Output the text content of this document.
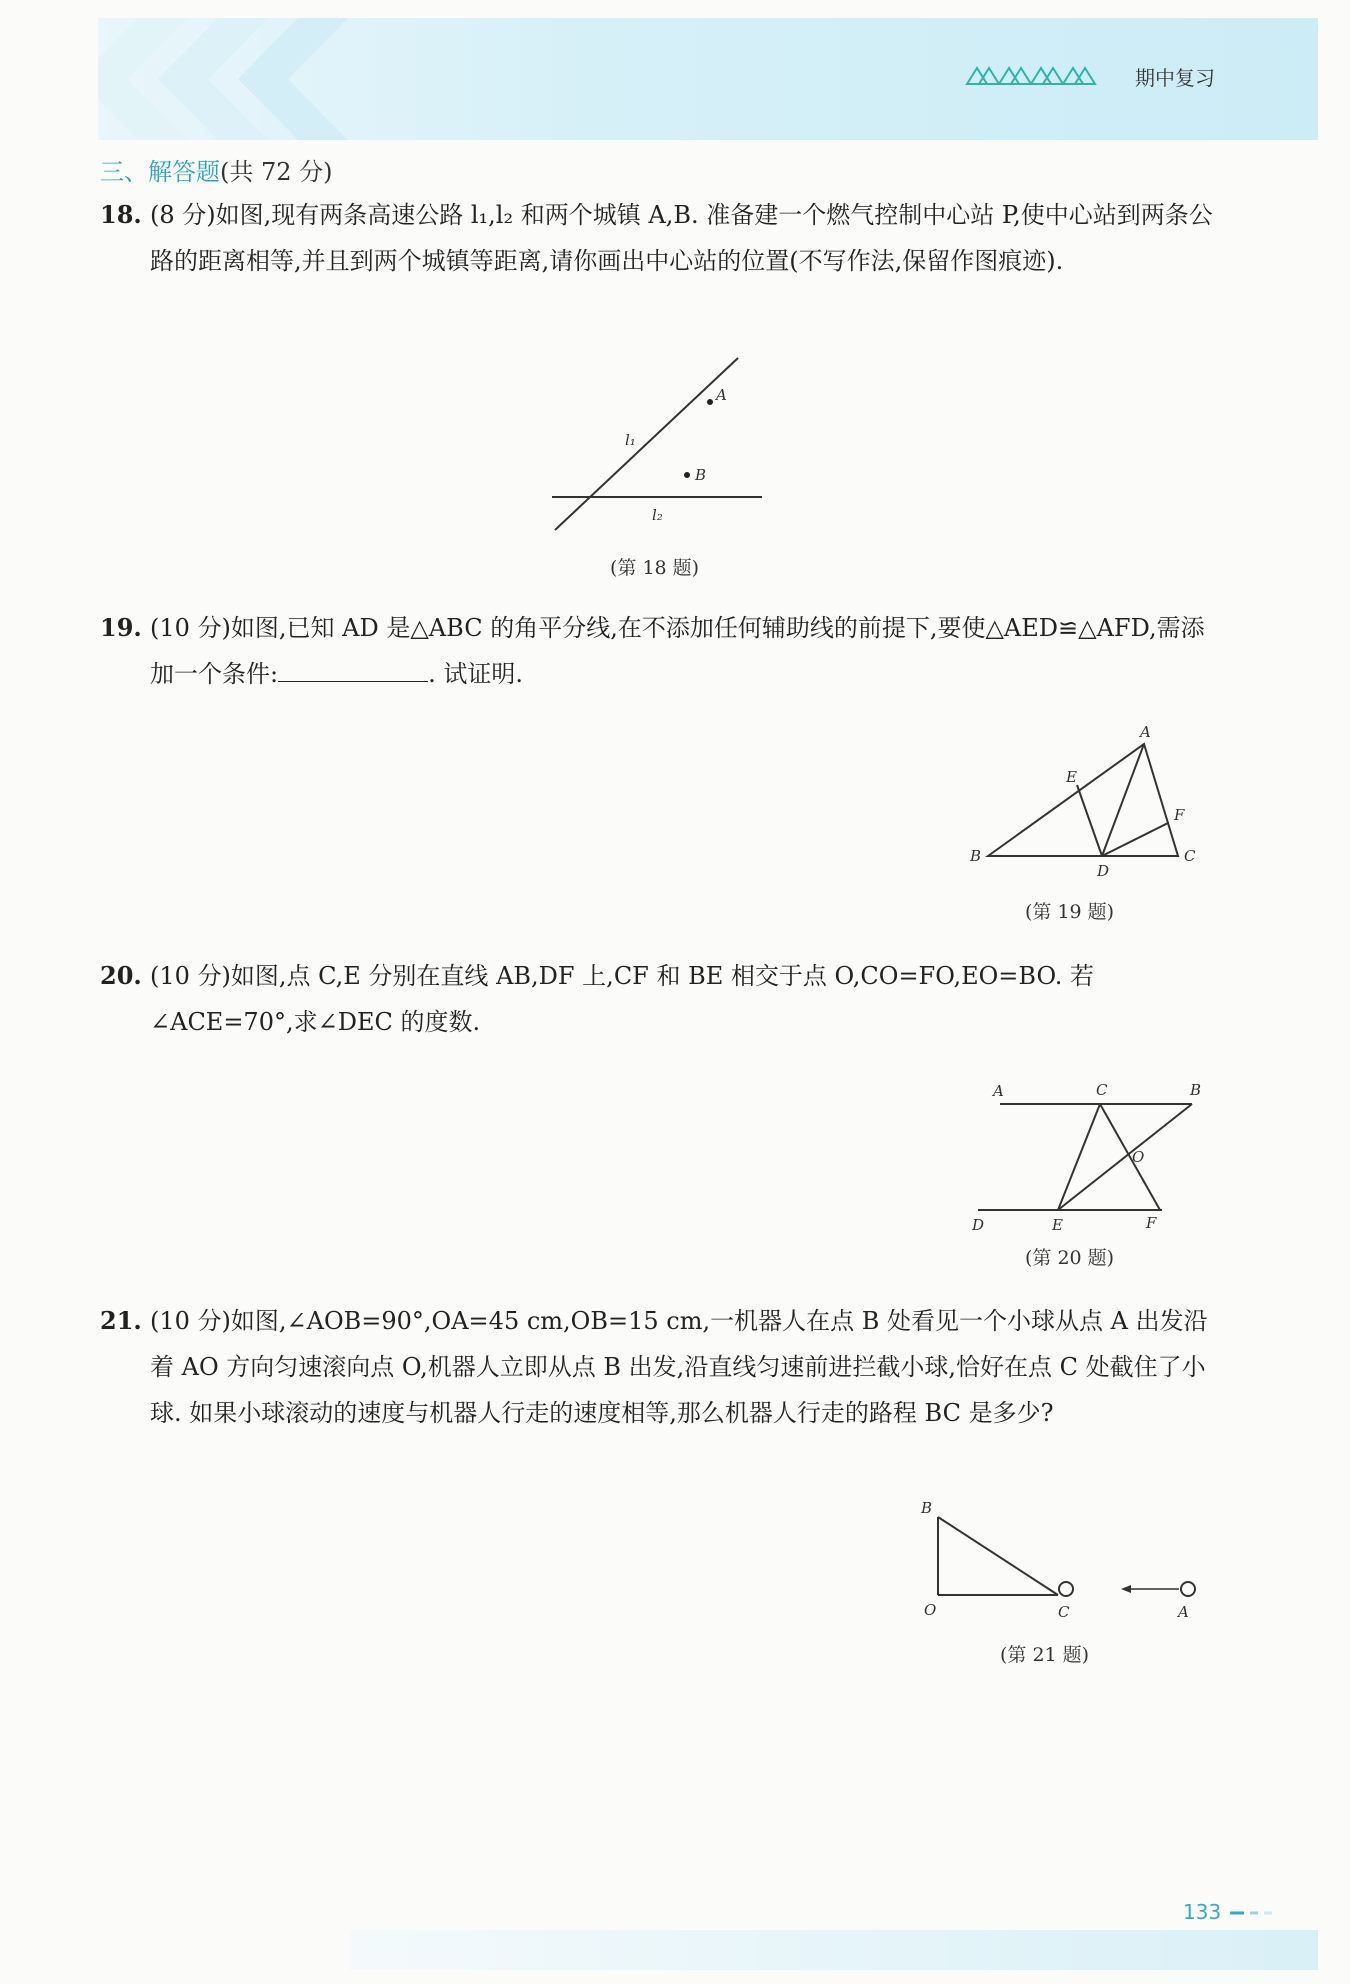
期中复习
三、解答题(共 72 分)
18. (8 分)如图,现有两条高速公路 l₁,l₂ 和两个城镇 A,B. 准备建一个燃气控制中心站 P,使中心站到两条公路的距离相等,并且到两个城镇等距离,请你画出中心站的位置(不写作法,保留作图痕迹).
A
B
l₁
l₂
(第 18 题)
19. (10 分)如图,已知 AD 是△ABC 的角平分线,在不添加任何辅助线的前提下,要使△AED≌△AFD,需添加一个条件:	. 试证明.
A
B	C
D
E
F
(第 19 题)
20. (10 分)如图,点 C,E 分别在直线 AB,DF 上,CF 和 BE 相交于点 O,CO=FO,EO=BO. 若∠ACE=70°,求∠DEC 的度数.
A	C	B
O
D	E	F
(第 20 题)
21. (10 分)如图,∠AOB=90°,OA=45 cm,OB=15 cm,一机器人在点 B 处看见一个小球从点 A 出发沿着 AO 方向匀速滚向点 O,机器人立即从点 B 出发,沿直线匀速前进拦截小球,恰好在点 C 处截住了小球. 如果小球滚动的速度与机器人行走的速度相等,那么机器人行走的路程 BC 是多少?
B
O	C	A
(第 21 题)
133
